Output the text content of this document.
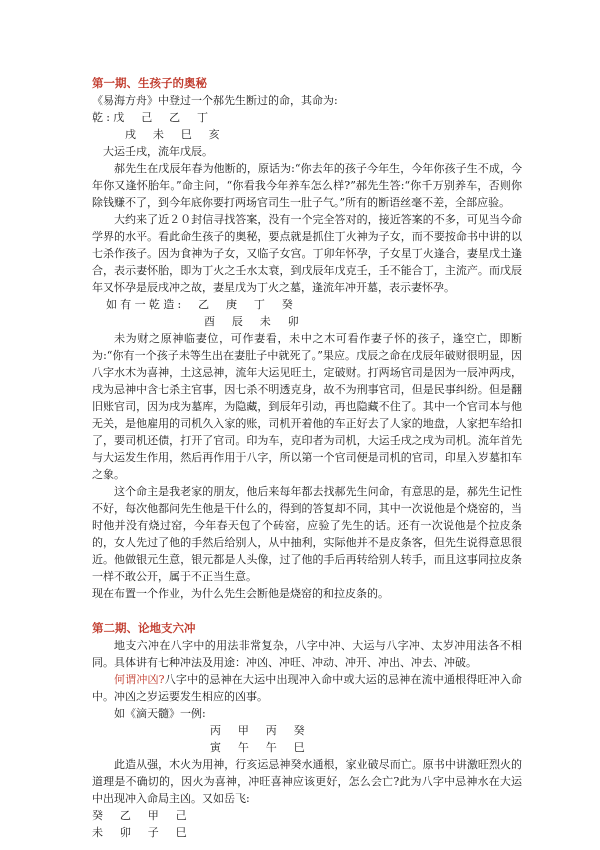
第一期、生孩子的奥秘

《易海方舟》中登过一个郝先生断过的命，其命为:

乾:戊  己  乙  丁

戌  未  巳  亥

大运壬戌，流年戊辰。

郝先生在戊辰年春为他断的，原话为:“你去年的孩子今年生，今年你孩子生不成，今年你又逢怀胎年。”命主问，“你看我今年养车怎么样?”郝先生答:“你千万别养车，否则你除钱赚不了，到今年底你要打两场官司生一肚子气。”所有的断语丝毫不差，全部应验。

大约来了近２０封信寻找答案，没有一个完全答对的，接近答案的不多，可见当今命学界的水平。看此命生孩子的奥秘，要点就是抓住丁火神为子女，而不要按命书中讲的以七杀作孩子。因为食神为子女，又临子女宫。丁卯年怀孕，子女星丁火逢合，妻星戊土逢合，表示妻怀胎，即为丁火之壬水太衰，到戊辰年戊克壬，壬不能合丁，主流产。而戊辰年又怀孕是辰戌冲之故，妻星戊为丁火之墓，逢流年冲开墓，表示妻怀孕。

如有一乾造:  乙  庚  丁  癸

酉  辰  未  卯

未为财之原神临妻位，可作妻看，未中之木可看作妻子怀的孩子，逢空亡，即断为:“你有一个孩子未等生出在妻肚子中就死了。”果应。戊辰之命在戊辰年破财很明显，因八字水木为喜神，土这忌神，流年大运见旺土，定破财。打两场官司是因为一辰冲两戌，戌为忌神中含七杀主官事，因七杀不明透克身，故不为刑事官司，但是民事纠纷。但是翻旧账官司，因为戌为墓库，为隐藏，到辰年引动，再也隐藏不住了。其中一个官司本与他无关，是他雇用的司机久入家的账，司机开着他的车正好去了人家的地盘，人家把车给扣了，要司机还债，打开了官司。印为车，克印者为司机，大运壬戌之戌为司机。流年首先与大运发生作用，然后再作用于八字，所以第一个官司便是司机的官司，印星入岁墓扣车之象。

这个命主是我老家的朋友，他后来每年都去找郝先生问命，有意思的是，郝先生记性不好，每次他都问先生他是干什么的，得到的答复却不同，其中一次说他是个烧窑的，当时他并没有烧过窑，今年春天包了个砖窑，应验了先生的话。还有一次说他是个拉皮条的，女人先过了他的手然后给别人，从中抽利，实际他并不是皮条客，但先生说得意思很近。他做银元生意，银元都是人头像，过了他的手后再转给别人转手，而且这事同拉皮条一样不敢公开，属于不正当生意。

现在布置一个作业，为什么先生会断他是烧窑的和拉皮条的。

第二期、论地支六冲

地支六冲在八字中的用法非常复杂，八字中冲、大运与八字冲、太岁冲用法各不相同。具体讲有七种冲法及用途：冲凶、冲旺、冲动、冲开、冲出、冲去、冲破。

何谓冲凶?八字中的忌神在大运中出现冲入命中或大运的忌神在流中通根得旺冲入命中。冲凶之岁运要发生相应的凶事。

如《滴天髓》一例:

丙  甲  丙  癸

寅  午  午  巳

此造从强，木火为用神，行亥运忌神癸水通根，家业破尽而亡。原书中讲激旺烈火的道理是不确切的，因火为喜神，冲旺喜神应该更好，怎么会亡?此为八字中忌神水在大运中出现冲入命局主凶。又如岳飞:

癸  乙  甲  己

未  卯  子  巳
